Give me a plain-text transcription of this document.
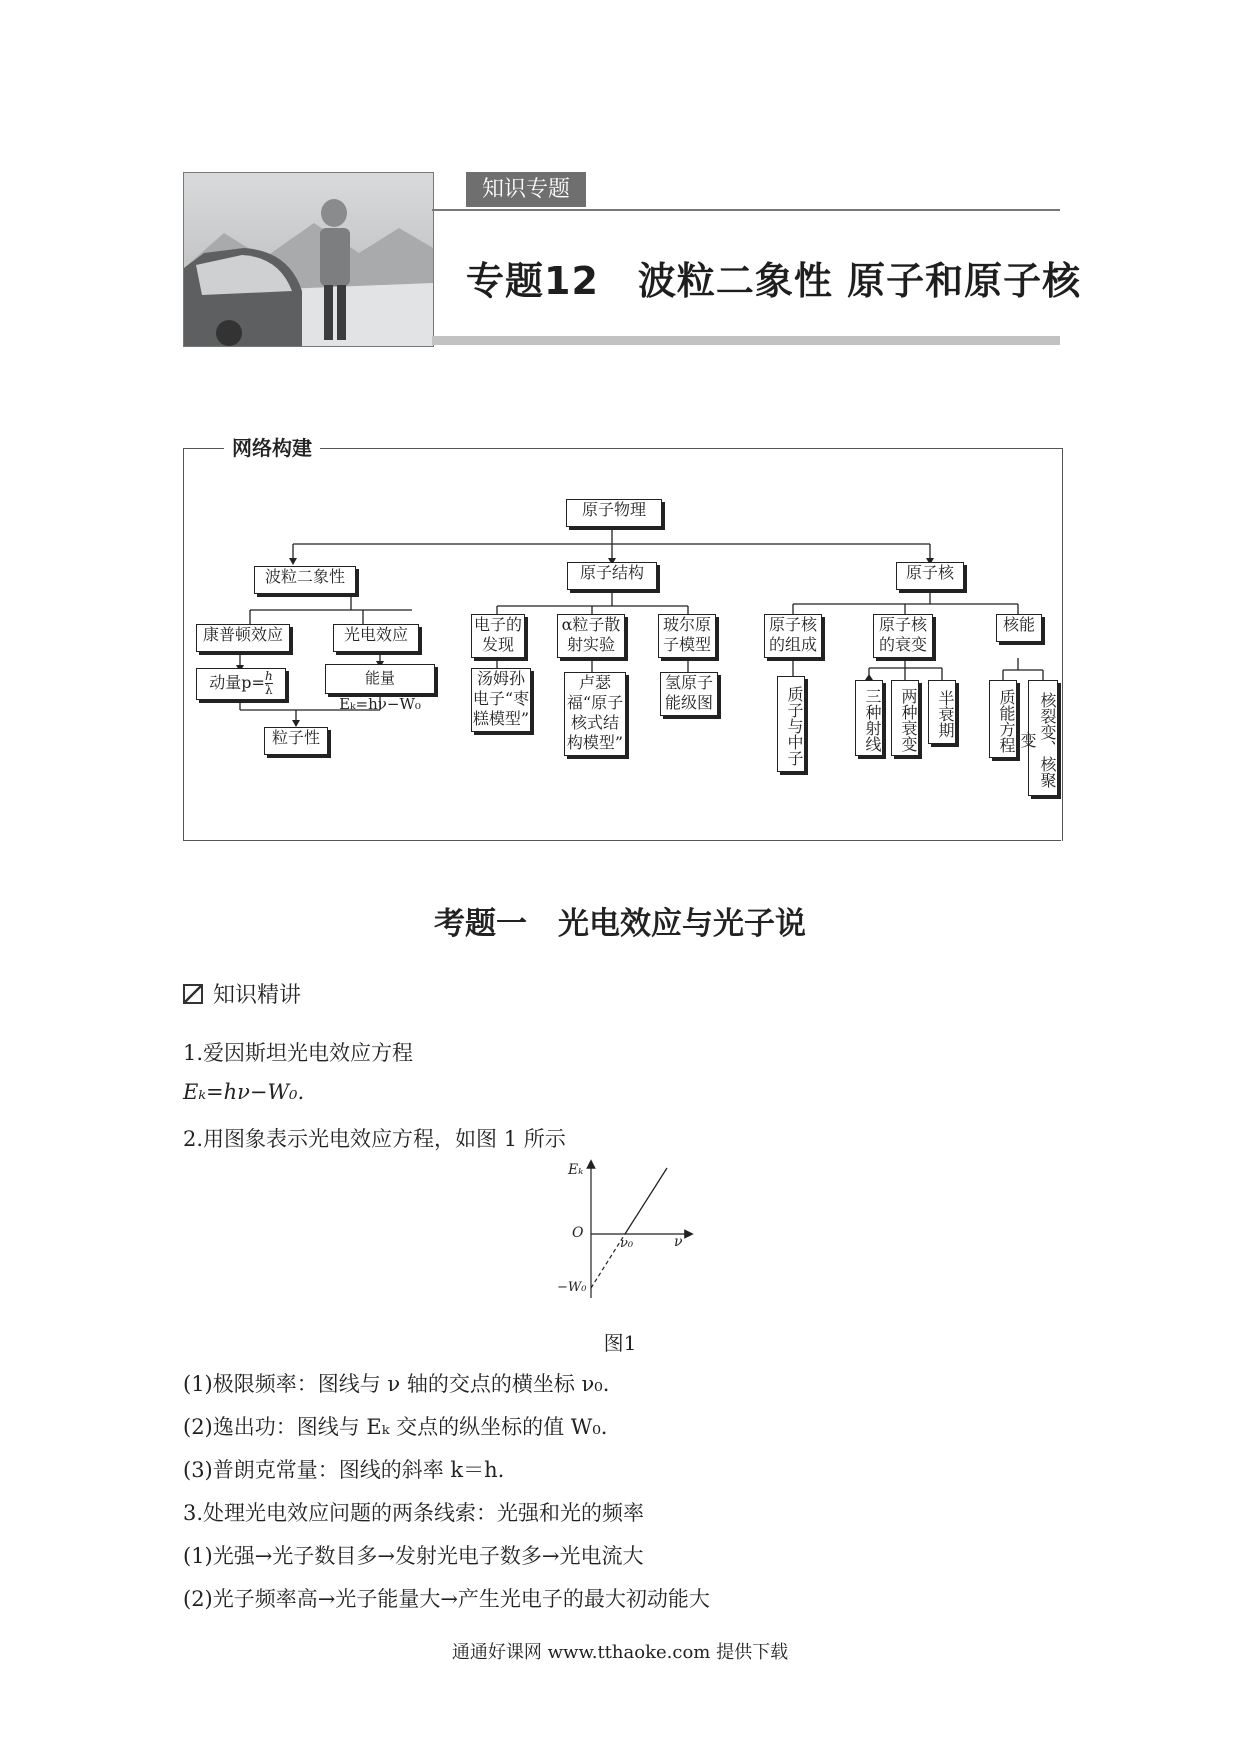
知识专题
专题12　波粒二象性 原子和原子核
网络构建
原子物理
波粒二象性	原子结构	原子核
康普顿效应	光电效应
动量$p= \frac{h}{\lambda}$	能量Eₖ=hν−W₀
粒子性
电子的发现
α粒子散射实验
玻尔原子模型
汤姆孙电子“枣糕模型”
卢瑟福“原子核式结构模型”
氢原子能级图
原子核的组成
原子核的衰变
核能
质子与中子	三种射线	两种衰变	半衰期	质能方程	核裂变、核聚变
考题一　光电效应与光子说
知识精讲
1.爱因斯坦光电效应方程
Eₖ=hν−W₀.
2.用图象表示光电效应方程，如图 1 所示
Eₖ
O
ν₀	ν
−W₀
图1
(1)极限频率：图线与 ν 轴的交点的横坐标 ν₀.
(2)逸出功：图线与 Eₖ 交点的纵坐标的值 W₀.
(3)普朗克常量：图线的斜率 k＝h.
3.处理光电效应问题的两条线索：光强和光的频率
(1)光强→光子数目多→发射光电子数多→光电流大
(2)光子频率高→光子能量大→产生光电子的最大初动能大
通通好课网 www.tthaoke.com 提供下载
